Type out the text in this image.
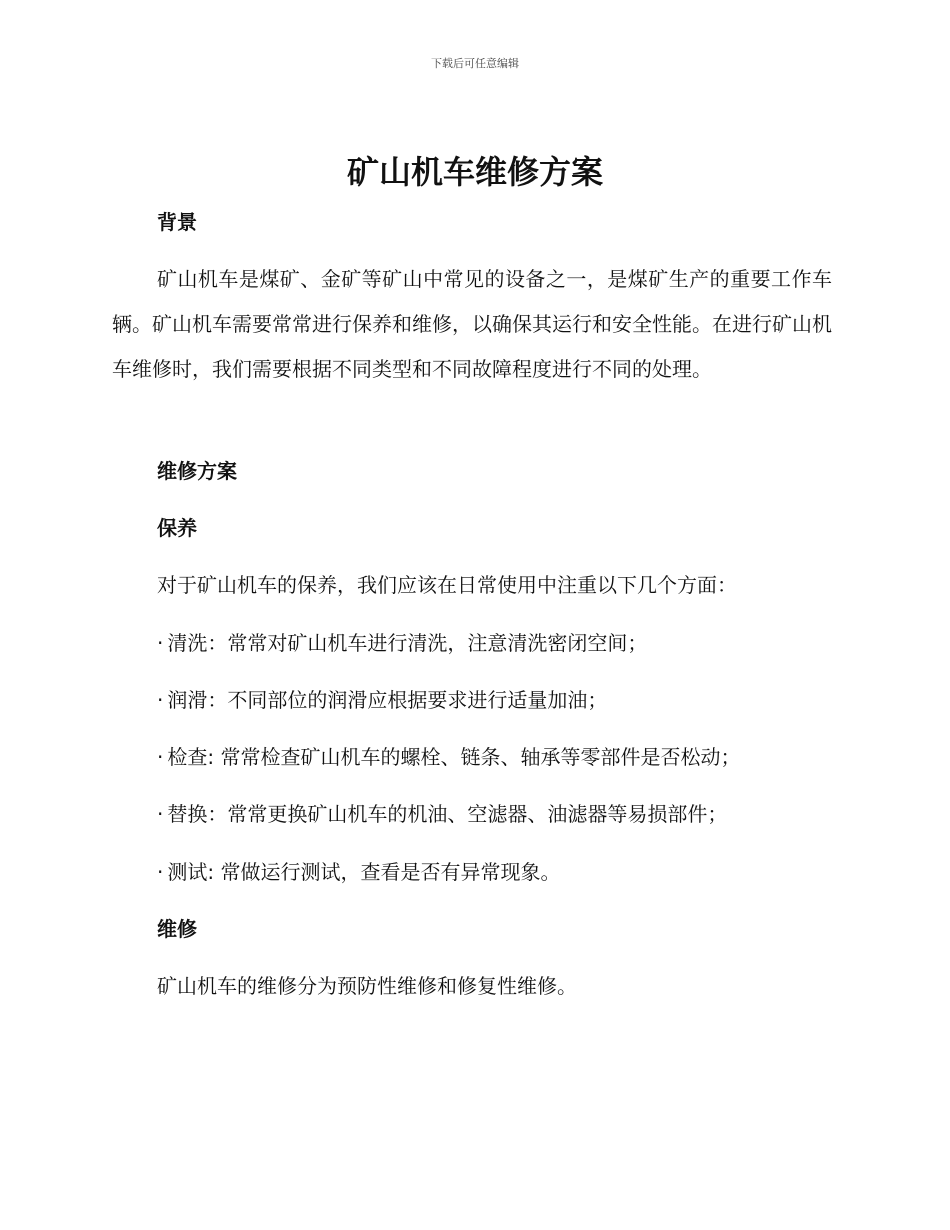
下载后可任意编辑
矿山机车维修方案
背景

矿山机车是煤矿、金矿等矿山中常见的设备之一，是煤矿生产的重要工作车辆。矿山机车需要常常进行保养和维修，以确保其运行和安全性能。在进行矿山机车维修时，我们需要根据不同类型和不同故障程度进行不同的处理。

维修方案
保养

对于矿山机车的保养，我们应该在日常使用中注重以下几个方面：

· 清洗：常常对矿山机车进行清洗，注意清洗密闭空间；

· 润滑：不同部位的润滑应根据要求进行适量加油；

· 检查: 常常检查矿山机车的螺栓、链条、轴承等零部件是否松动；

· 替换：常常更换矿山机车的机油、空滤器、油滤器等易损部件；

· 测试: 常做运行测试，查看是否有异常现象。

维修

矿山机车的维修分为预防性维修和修复性维修。
